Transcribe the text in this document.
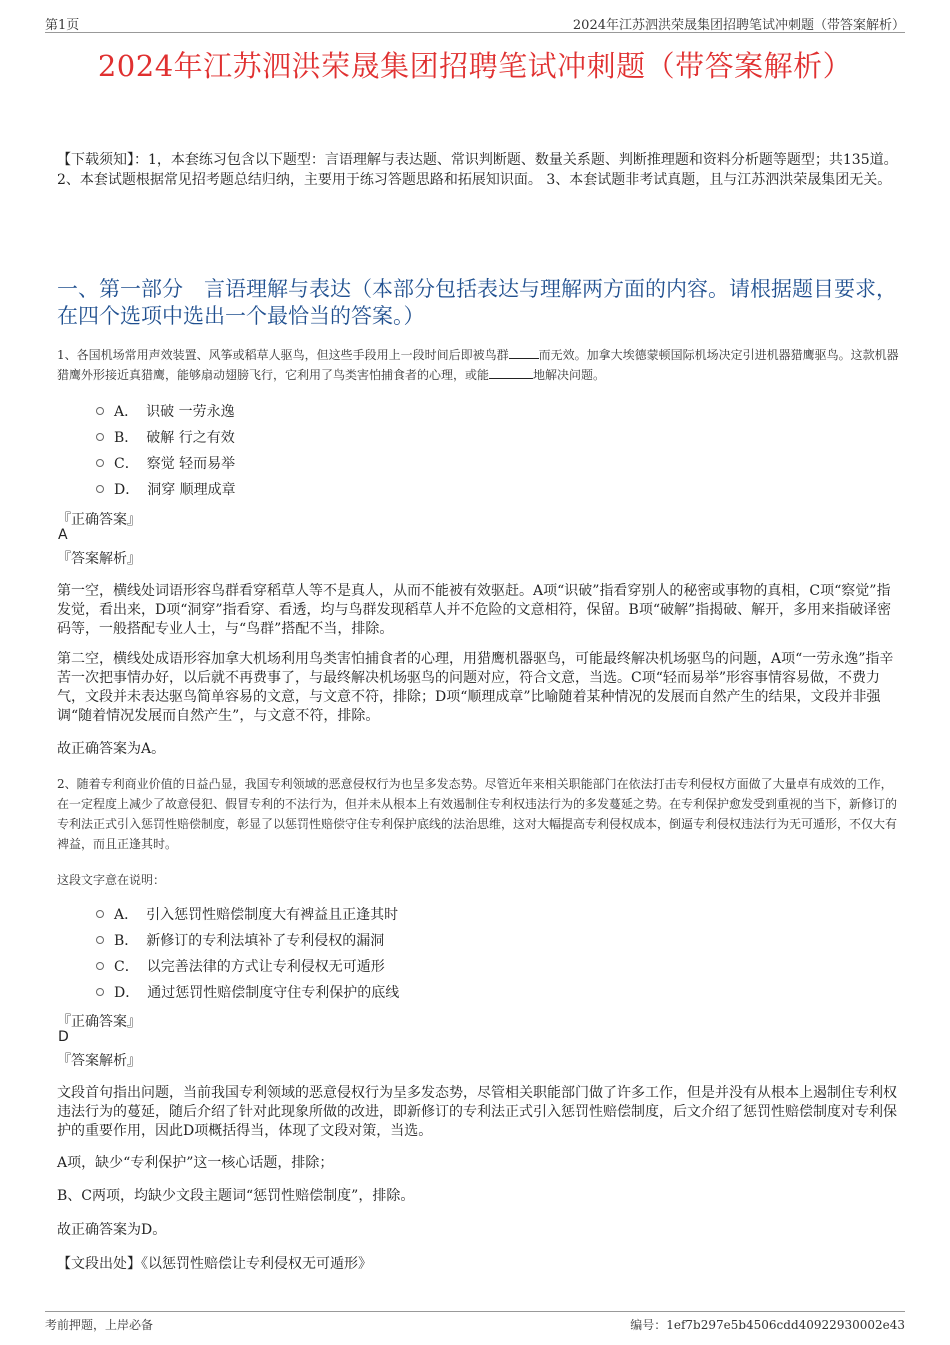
第1页	2024年江苏泗洪荣晟集团招聘笔试冲刺题（带答案解析）
2024年江苏泗洪荣晟集团招聘笔试冲刺题（带答案解析）
【下载须知】：1，本套练习包含以下题型：言语理解与表达题、常识判断题、数量关系题、判断推理题和资料分析题等题型；共135道。 2、本套试题根据常见招考题总结归纳，主要用于练习答题思路和拓展知识面。 3、本套试题非考试真题，且与江苏泗洪荣晟集团无关。
一、第一部分　言语理解与表达（本部分包括表达与理解两方面的内容。请根据题目要求，在四个选项中选出一个最恰当的答案。）
1、各国机场常用声效装置、风筝或稻草人驱鸟，但这些手段用上一段时间后即被鸟群	而无效。加拿大埃德蒙顿国际机场决定引进机器猎鹰驱鸟。这款机器猎鹰外形接近真猎鹰，能够扇动翅膀飞行，它利用了鸟类害怕捕食者的心理，或能	地解决问题。
A． 识破 一劳永逸
B． 破解 行之有效
C． 察觉 轻而易举
D． 洞穿 顺理成章
『正确答案』
A
『答案解析』
第一空，横线处词语形容鸟群看穿稻草人等不是真人，从而不能被有效驱赶。A项“识破”指看穿别人的秘密或事物的真相，C项“察觉”指发觉，看出来，D项“洞穿”指看穿、看透，均与鸟群发现稻草人并不危险的文意相符，保留。B项“破解”指揭破、解开，多用来指破译密码等，一般搭配专业人士，与“鸟群”搭配不当，排除。
第二空，横线处成语形容加拿大机场利用鸟类害怕捕食者的心理，用猎鹰机器驱鸟，可能最终解决机场驱鸟的问题，A项“一劳永逸”指辛苦一次把事情办好，以后就不再费事了，与最终解决机场驱鸟的问题对应，符合文意，当选。C项“轻而易举”形容事情容易做，不费力气，文段并未表达驱鸟简单容易的文意，与文意不符，排除；D项“顺理成章”比喻随着某种情况的发展而自然产生的结果，文段并非强调“随着情况发展而自然产生”，与文意不符，排除。
故正确答案为A。
2、随着专利商业价值的日益凸显，我国专利领域的恶意侵权行为也呈多发态势。尽管近年来相关职能部门在依法打击专利侵权方面做了大量卓有成效的工作，在一定程度上减少了故意侵犯、假冒专利的不法行为，但并未从根本上有效遏制住专利权违法行为的多发蔓延之势。在专利保护愈发受到重视的当下，新修订的专利法正式引入惩罚性赔偿制度，彰显了以惩罚性赔偿守住专利保护底线的法治思维，这对大幅提高专利侵权成本，倒逼专利侵权违法行为无可遁形，不仅大有裨益，而且正逢其时。
这段文字意在说明：
A． 引入惩罚性赔偿制度大有裨益且正逢其时
B． 新修订的专利法填补了专利侵权的漏洞
C． 以完善法律的方式让专利侵权无可遁形
D． 通过惩罚性赔偿制度守住专利保护的底线
『正确答案』
D
『答案解析』
文段首句指出问题，当前我国专利领域的恶意侵权行为呈多发态势，尽管相关职能部门做了许多工作，但是并没有从根本上遏制住专利权违法行为的蔓延，随后介绍了针对此现象所做的改进，即新修订的专利法正式引入惩罚性赔偿制度，后文介绍了惩罚性赔偿制度对专利保护的重要作用，因此D项概括得当，体现了文段对策，当选。
A项，缺少“专利保护”这一核心话题，排除；
B、C两项，均缺少文段主题词“惩罚性赔偿制度”，排除。
故正确答案为D。
【文段出处】《以惩罚性赔偿让专利侵权无可遁形》
考前押题，上岸必备	编号：1ef7b297e5b4506cdd40922930002e43
